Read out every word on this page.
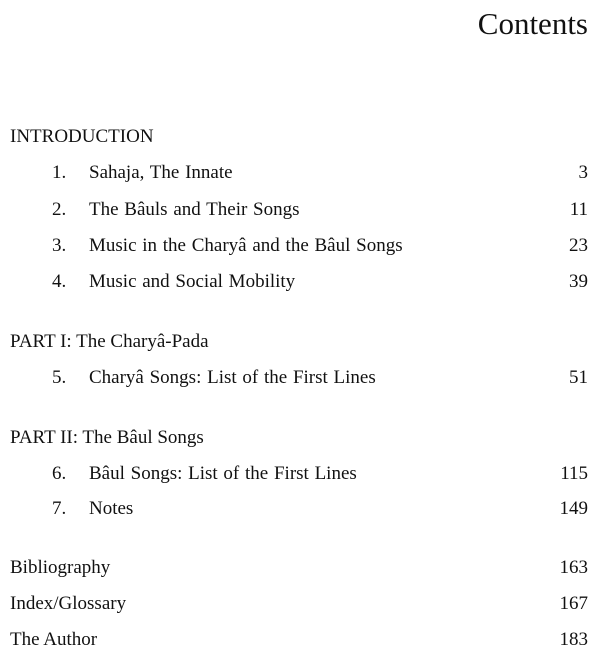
Contents
INTRODUCTION
1. Sahaja, The Innate	3
2. The Bâuls and Their Songs	11
3. Music in the Charyâ and the Bâul Songs	23
4. Music and Social Mobility	39
PART I: The Charyâ-Pada
5. Charyâ Songs: List of the First Lines	51
PART II: The Bâul Songs
6. Bâul Songs: List of the First Lines	115
7. Notes	149
Bibliography	163
Index/Glossary	167
The Author	183
